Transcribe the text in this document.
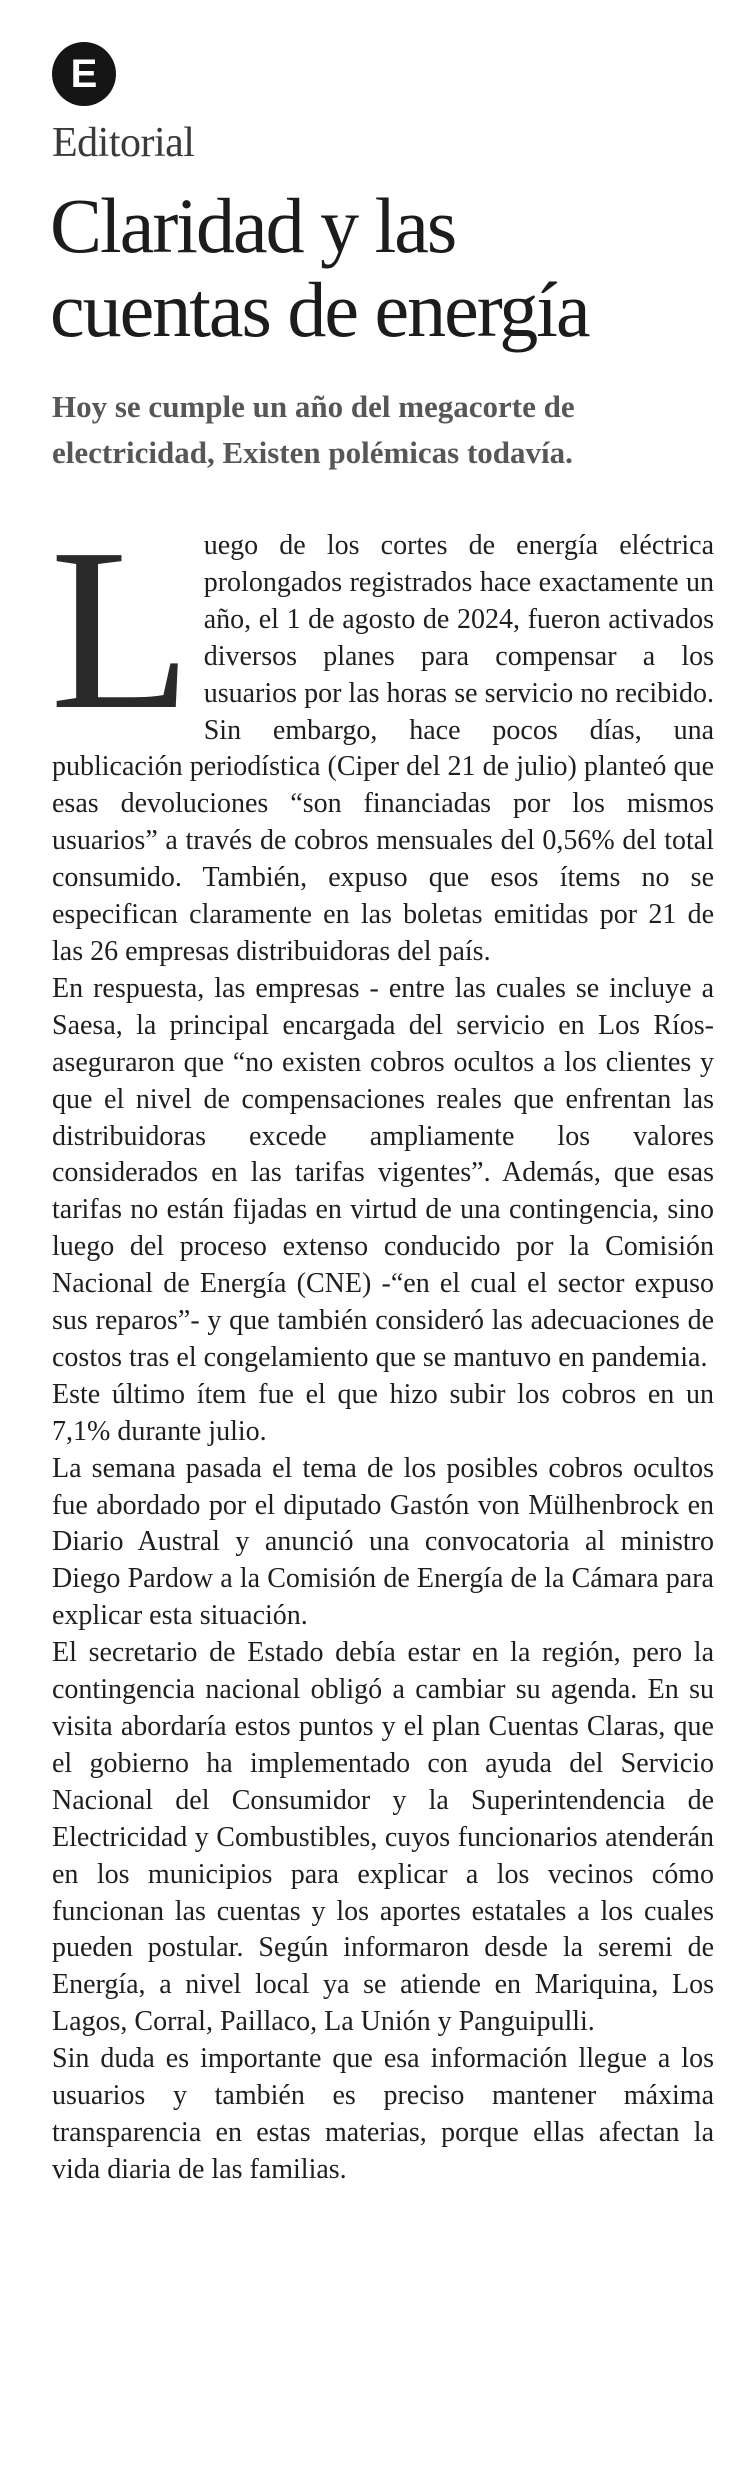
E
Editorial
Claridad y las
cuentas de energía

Hoy se cumple un año del megacorte de
electricidad, Existen polémicas todavía.

Luego de los cortes de energía eléctrica prolongados registrados hace exactamente un año, el 1 de agosto de 2024, fueron activados diversos planes para compensar a los usuarios por las horas se servicio no recibido. Sin embargo, hace pocos días, una publicación periodística (Ciper del 21 de julio) planteó que esas devoluciones “son financiadas por los mismos usuarios” a través de cobros mensuales del 0,56% del total consumido. También, expuso que esos ítems no se especifican claramente en las boletas emitidas por 21 de las 26 empresas distribuidoras del país.

En respuesta, las empresas - entre las cuales se incluye a Saesa, la principal encargada del servicio en Los Ríos- aseguraron que “no existen cobros ocultos a los clientes y que el nivel de compensaciones reales que enfrentan las distribuidoras excede ampliamente los valores considerados en las tarifas vigentes”. Además, que esas tarifas no están fijadas en virtud de una contingencia, sino luego del proceso extenso conducido por la Comisión Nacional de Energía (CNE) -“en el cual el sector expuso sus reparos”- y que también consideró las adecuaciones de costos tras el congelamiento que se mantuvo en pandemia.

Este último ítem fue el que hizo subir los cobros en un 7,1% durante julio.

La semana pasada el tema de los posibles cobros ocultos fue abordado por el diputado Gastón von Mülhenbrock en Diario Austral y anunció una convocatoria al ministro Diego Pardow a la Comisión de Energía de la Cámara para explicar esta situación.

El secretario de Estado debía estar en la región, pero la contingencia nacional obligó a cambiar su agenda. En su visita abordaría estos puntos y el plan Cuentas Claras, que el gobierno ha implementado con ayuda del Servicio Nacional del Consumidor y la Superintendencia de Electricidad y Combustibles, cuyos funcionarios atenderán en los municipios para explicar a los vecinos cómo funcionan las cuentas y los aportes estatales a los cuales pueden postular. Según informaron desde la seremi de Energía, a nivel local ya se atiende en Mariquina, Los Lagos, Corral, Paillaco, La Unión y Panguipulli.

Sin duda es importante que esa información llegue a los usuarios y también es preciso mantener máxima transparencia en estas materias, porque ellas afectan la vida diaria de las familias.
